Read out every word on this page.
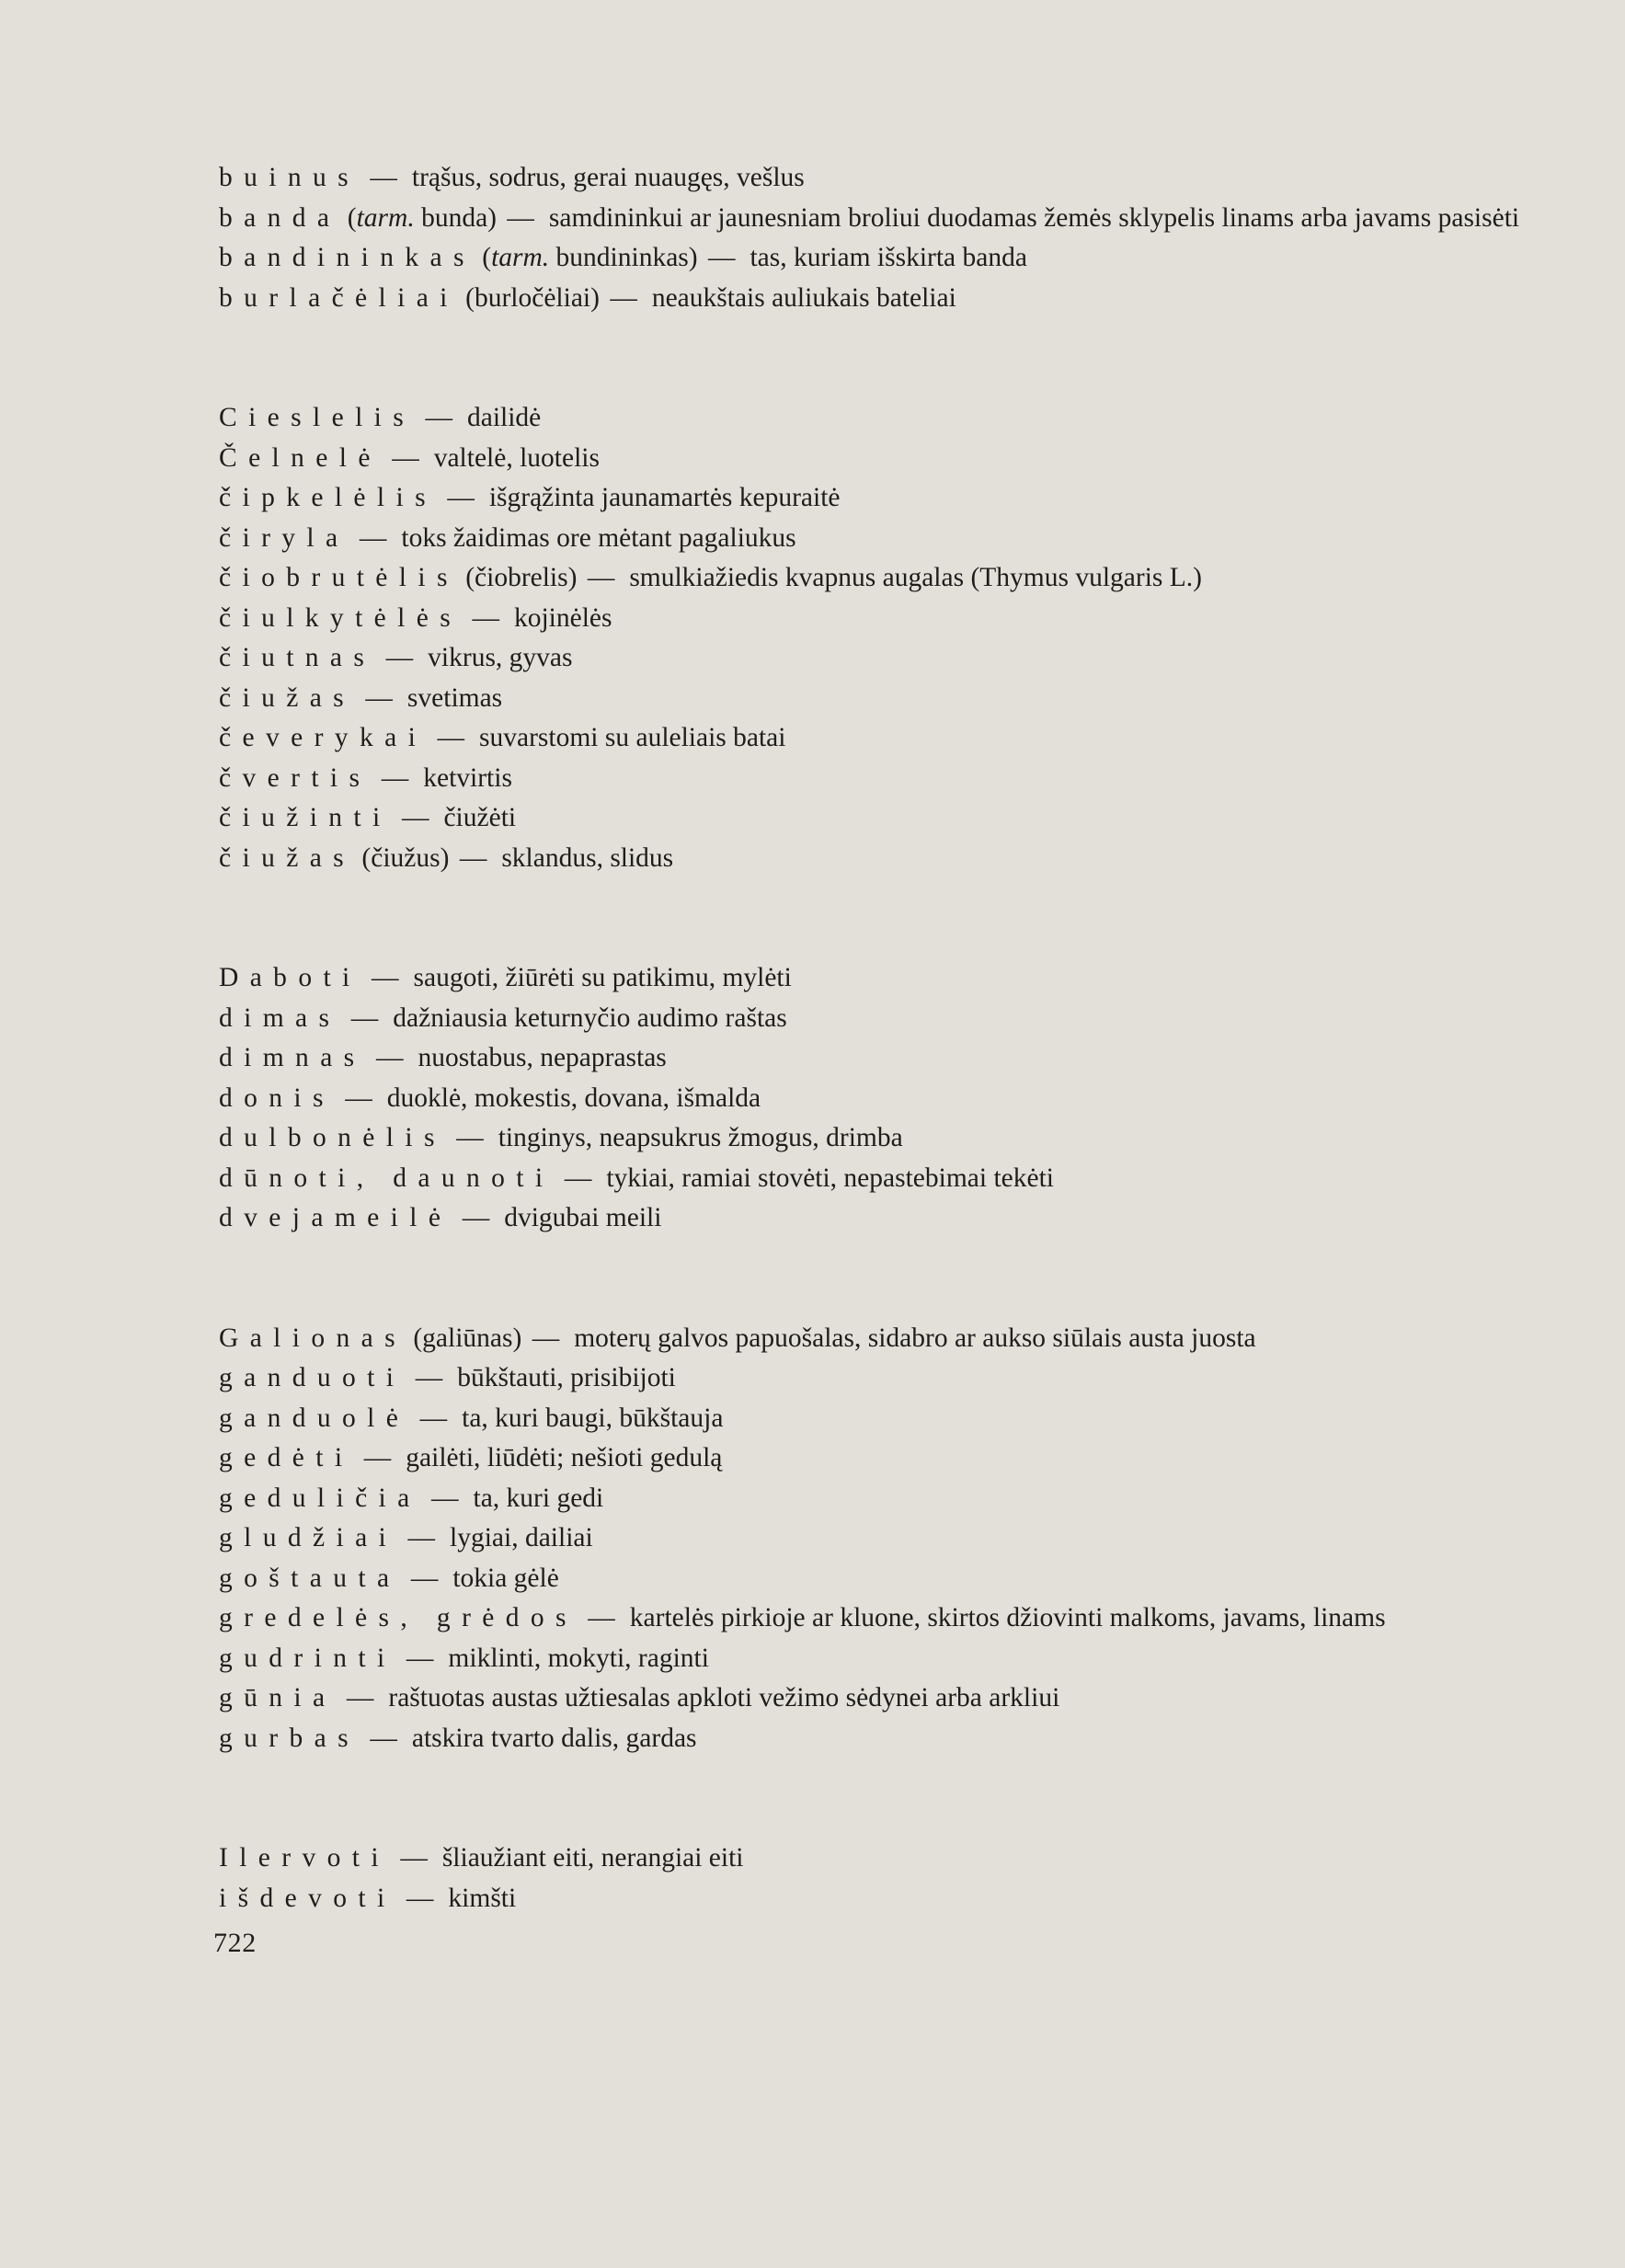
buinus — trąšus, sodrus, gerai nuaugęs, vešlus
banda (tarm. bunda) — samdininkui ar jaunesniam broliui duodamas žemės sklypelis linams arba javams pasisėti
bandininkas (tarm. bundininkas) — tas, kuriam išskirta banda
burlačėliai (burločėliai) — neaukštais auliukais bateliai
Cieslelis — dailidė
Čelnelė — valtelė, luotelis
čipkelėlis — išgrąžinta jaunamartės kepuraitė
čiryla — toks žaidimas ore mėtant pagaliukus
čiobrutėlis (čiobrelis) — smulkiažiedis kvapnus augalas (Thymus vulgaris L.)
čiulkytėlės — kojinėlės
čiutnas — vikrus, gyvas
čiužas — svetimas
čeverykai — suvarstomi su auleliais batai
čvertis — ketvirtis
čiužinti — čiužėti
čiužas (čiužus) — sklandus, slidus
Daboti — saugoti, žiūrėti su patikimu, mylėti
dimas — dažniausia keturnyčio audimo raštas
dimnas — nuostabus, nepaprastas
donis — duoklė, mokestis, dovana, išmalda
dulbonėlis — tinginys, neapsukrus žmogus, drimba
dūnoti, daunoti — tykiai, ramiai stovėti, nepastebimai tekėti
dvejameilė — dvigubai meili
Galionas (galiūnas) — moterų galvos papuošalas, sidabro ar aukso siūlais austa juosta
ganduoti — būkštauti, prisibijoti
ganduolė — ta, kuri baugi, būkštauja
gedėti — gailėti, liūdėti; nešioti gedulą
geduličia — ta, kuri gedi
gludžiai — lygiai, dailiai
goštauta — tokia gėlė
gredelės, grėdos — kartelės pirkioje ar kluone, skirtos džiovinti malkoms, javams, linams
gudrinti — miklinti, mokyti, raginti
gūnia — raštuotas austas užtiesalas apkloti vežimo sėdynei arba arkliui
gurbas — atskira tvarto dalis, gardas
Ilervoti — šliaužiant eiti, nerangiai eiti
išdevoti — kimšti
722
